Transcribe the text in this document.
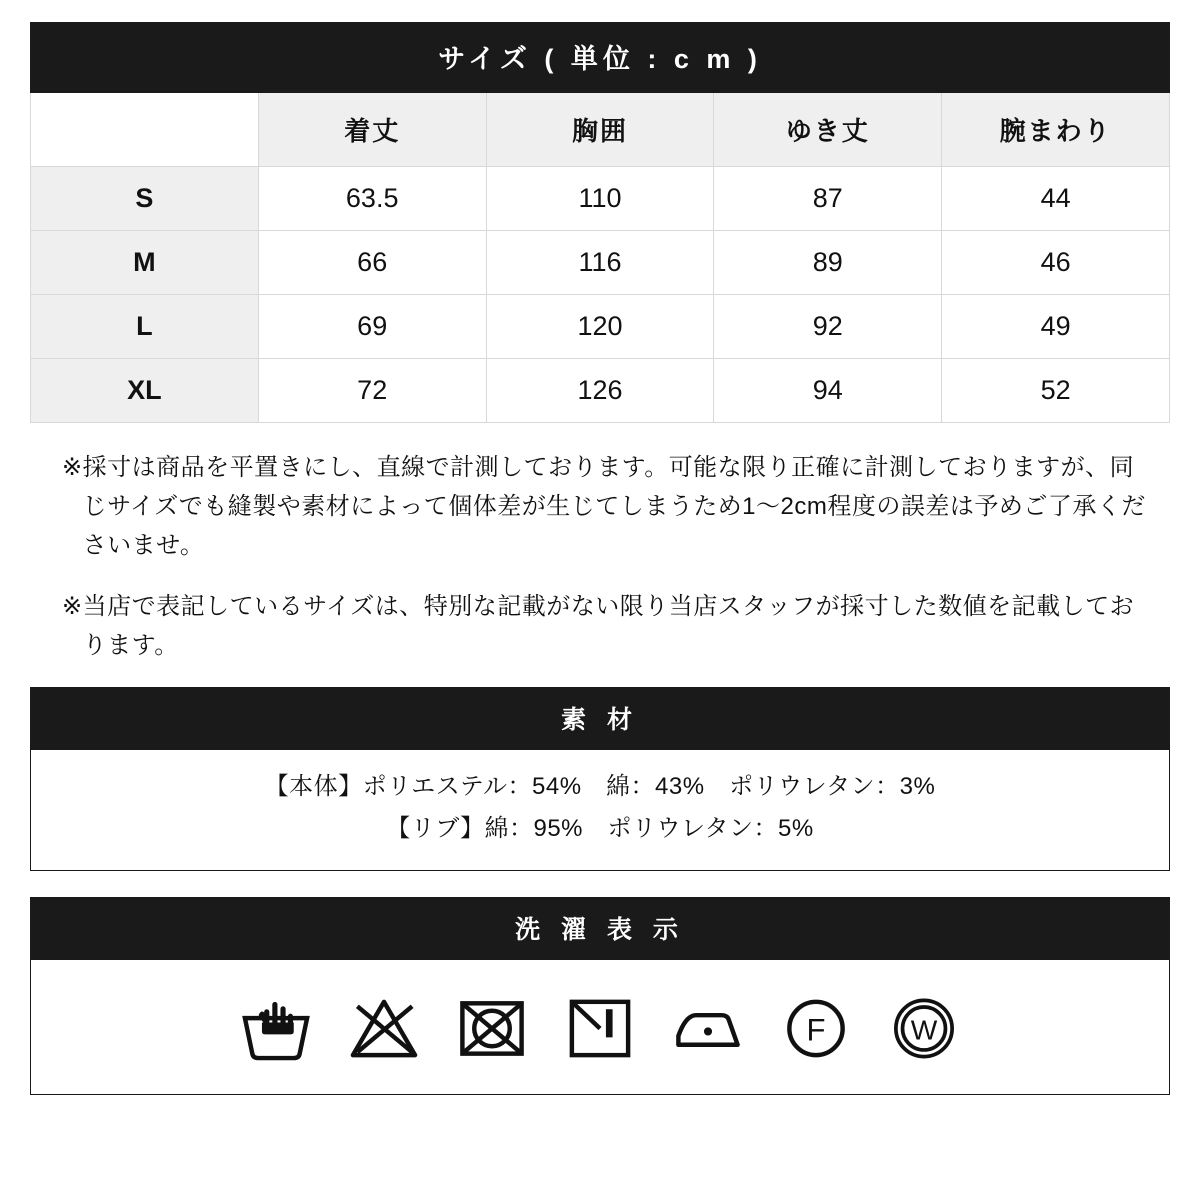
サイズ ( 単位 : c m )				
	着丈	胸囲	ゆき丈	腕まわり
S	63.5	110	87	44
M	66	116	89	46
L	69	120	92	49
XL	72	126	94	52
※ 採寸は商品を平置きにし、直線で計測しております。可能な限り正確に計測しておりますが、同じサイズでも縫製や素材によって個体差が生じてしまうため1〜2cm程度の誤差は予めご了承くださいませ。
※ 当店で表記しているサイズは、特別な記載がない限り当店スタッフが採寸した数値を記載しております。
素 材
【本体】ポリエステル：54%　綿：43%　ポリウレタン：3%
【リブ】綿：95%　ポリウレタン：5%
洗 濯 表 示
F W
